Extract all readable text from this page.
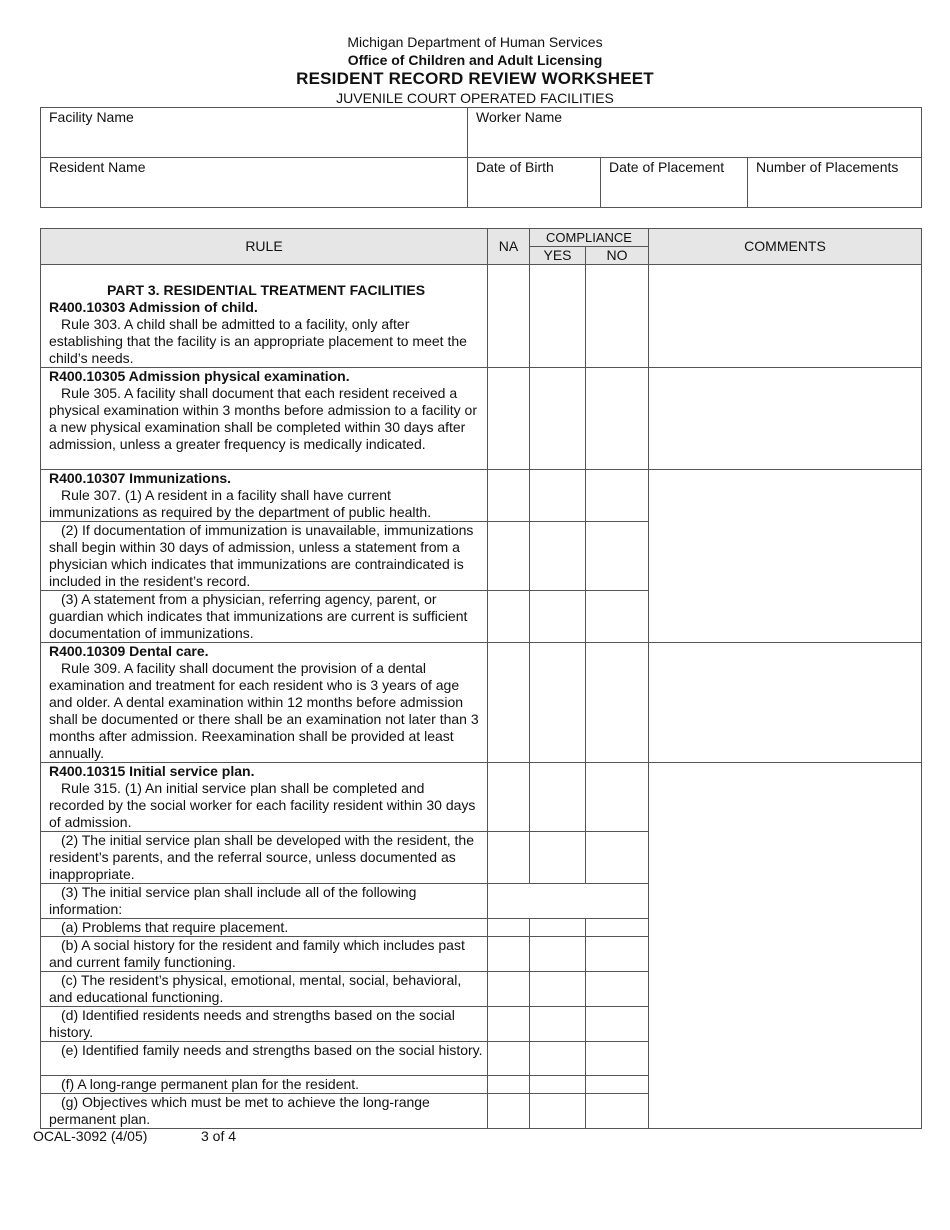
Michigan Department of Human Services
Office of Children and Adult Licensing
RESIDENT RECORD REVIEW WORKSHEET
JUVENILE COURT OPERATED FACILITIES
Facility Name	Worker Name		
Resident Name	Date of Birth	Date of Placement	Number of Placements
RULE	NA	COMPLIANCE		COMMENTS
		YES	NO	

PART 3. RESIDENTIAL TREATMENT FACILITIES
R400.10303 Admission of child.
Rule 303. A child shall be admitted to a facility, only after establishing that the facility is an appropriate placement to meet the child’s needs.				

R400.10305 Admission physical examination.
Rule 305. A facility shall document that each resident received a physical examination within 3 months before admission to a facility or a new physical examination shall be completed within 30 days after admission, unless a greater frequency is medically indicated.				

R400.10307 Immunizations.
Rule 307. (1) A resident in a facility shall have current immunizations as required by the department of public health.				

(2) If documentation of immunization is unavailable, immunizations shall begin within 30 days of admission, unless a statement from a physician which indicates that immunizations are contraindicated is included in the resident’s record.				

(3) A statement from a physician, referring agency, parent, or guardian which indicates that immunizations are current is sufficient documentation of immunizations.				

R400.10309 Dental care.
Rule 309. A facility shall document the provision of a dental examination and treatment for each resident who is 3 years of age and older. A dental examination within 12 months before admission shall be documented or there shall be an examination not later than 3 months after admission. Reexamination shall be provided at least annually.				

R400.10315 Initial service plan.
Rule 315. (1) An initial service plan shall be completed and recorded by the social worker for each facility resident within 30 days of admission.				

(2) The initial service plan shall be developed with the resident, the resident’s parents, and the referral source, unless documented as inappropriate.				

(3) The initial service plan shall include all of the following information:				

(a) Problems that require placement.				

(b) A social history for the resident and family which includes past and current family functioning.				

(c) The resident’s physical, emotional, mental, social, behavioral, and educational functioning.				

(d) Identified residents needs and strengths based on the social history.				

(e) Identified family needs and strengths based on the social history.				

(f) A long-range permanent plan for the resident.				

(g) Objectives which must be met to achieve the long-range permanent plan.				

OCAL-3092 (4/05)	3 of 4
